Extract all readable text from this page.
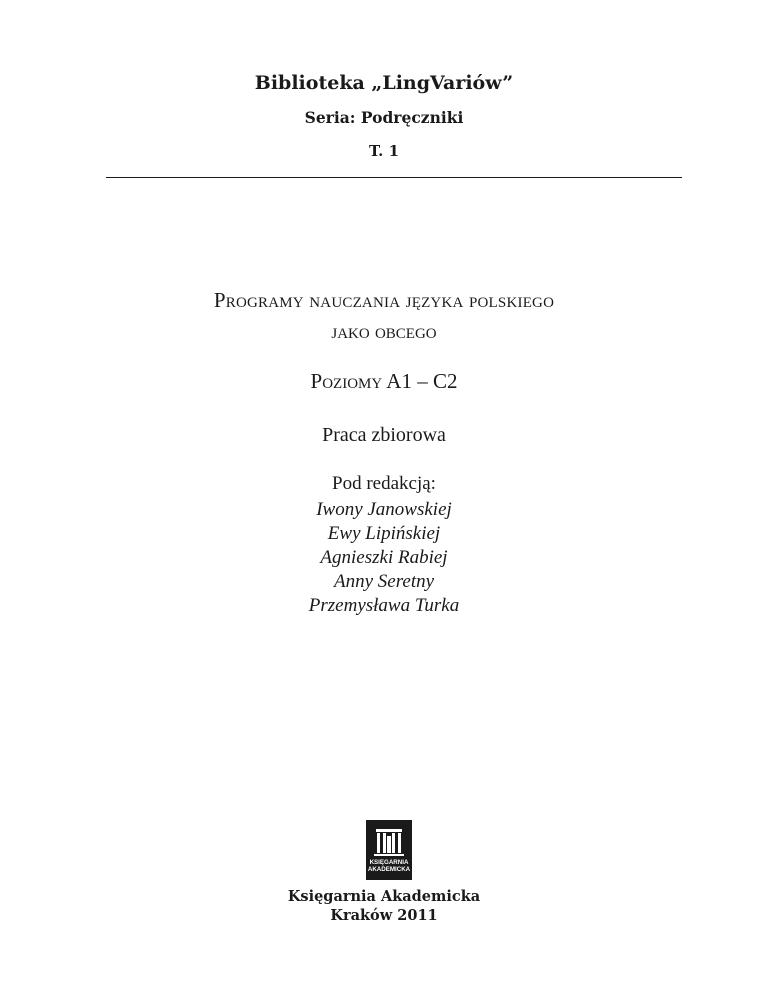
Biblioteka „LingVariów”
Seria: Podręczniki
T. 1
Programy nauczania języka polskiego
jako obcego
Poziomy A1 – C2
Praca zbiorowa
Pod redakcją:
Iwony Janowskiej
Ewy Lipińskiej
Agnieszki Rabiej
Anny Seretny
Przemysława Turka
KSIĘGARNIA
AKADEMICKA
Księgarnia Akademicka
Kraków 2011
